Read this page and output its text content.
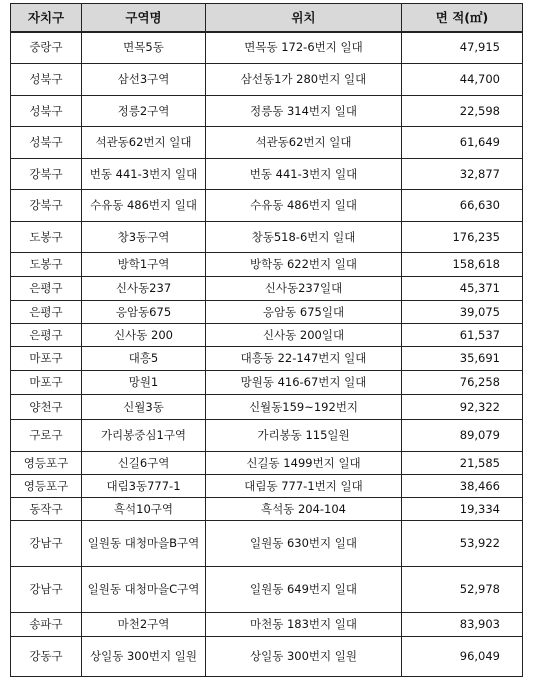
자치구	구역명	위치	면 적(㎡)
중랑구	면목5동	면목동 172-6번지 일대	47,915
성북구	삼선3구역	삼선동1가 280번지 일대	44,700
성북구	정릉2구역	정릉동 314번지 일대	22,598
성북구	석관동62번지 일대	석관동62번지 일대	61,649
강북구	번동 441-3번지 일대	번동 441-3번지 일대	32,877
강북구	수유동 486번지 일대	수유동 486번지 일대	66,630
도봉구	창3동구역	창동518-6번지 일대	176,235
도봉구	방학1구역	방학동 622번지 일대	158,618
은평구	신사동237	신사동237일대	45,371
은평구	응암동675	응암동 675일대	39,075
은평구	신사동 200	신사동 200일대	61,537
마포구	대흥5	대흥동 22-147번지 일대	35,691
마포구	망원1	망원동 416-67번지 일대	76,258
양천구	신월3동	신월동159~192번지	92,322
구로구	가리봉중심1구역	가리봉동 115일원	89,079
영등포구	신길6구역	신길동 1499번지 일대	21,585
영등포구	대림3동777-1	대림동 777-1번지 일대	38,466
동작구	흑석10구역	흑석동 204-104	19,334
강남구	일원동 대청마을B구역	일원동 630번지 일대	53,922
강남구	일원동 대청마을C구역	일원동 649번지 일대	52,978
송파구	마천2구역	마천동 183번지 일대	83,903
강동구	상일동 300번지 일원	상일동 300번지 일원	96,049
